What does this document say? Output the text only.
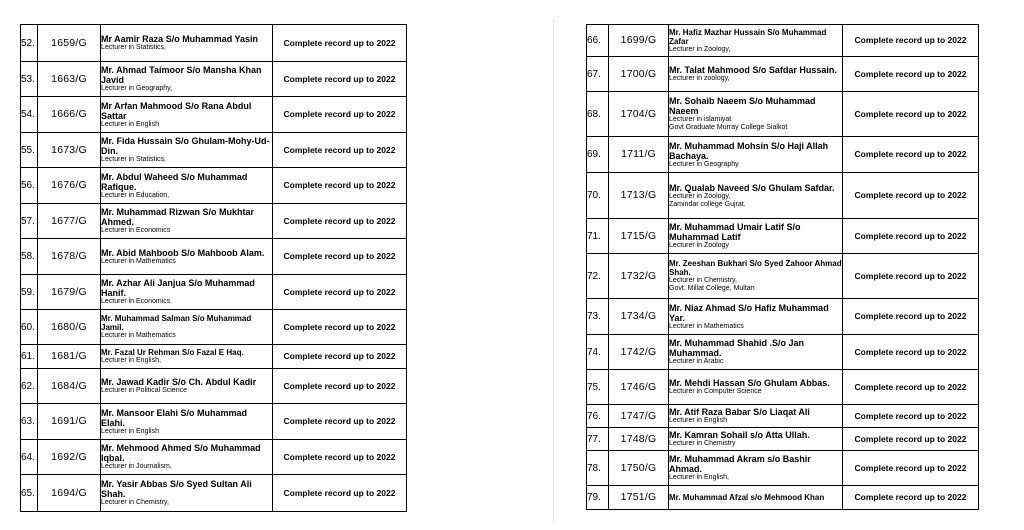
52.	1659/G	Mr Aamir Raza S/o Muhammad Yasin
Lecturer in Statistics,	Complete record up to 2022
53.	1663/G	Mr. Ahmad Taimoor S/o Mansha Khan Javid
Lecturer in Geography,	Complete record up to 2022
54.	1666/G	Mr Arfan Mahmood S/o Rana Abdul Sattar
Lecturer in English	Complete record up to 2022
55.	1673/G	Mr. Fida Hussain S/o Ghulam-Mohy-Ud-Din.
Lecturer in Statistics,	Complete record up to 2022
56.	1676/G	Mr. Abdul Waheed S/o Muhammad Rafique.
Lecturer in Education,	Complete record up to 2022
57.	1677/G	Mr. Muhammad Rizwan S/o Mukhtar Ahmed.
Lecturer in Economics	Complete record up to 2022
58.	1678/G	Mr. Abid Mahboob S/o Mahboob Alam.
Lecturer in Mathematics	Complete record up to 2022
59.	1679/G	Mr. Azhar Ali Janjua S/o Muhammad Hanif.
Lecturer in Economics	Complete record up to 2022
60.	1680/G	Mr. Muhammad Salman S/o Muhammad Jamil.
Lecturer in Mathematics	Complete record up to 2022
61.	1681/G	Mr. Fazal Ur Rehman S/o Fazal E Haq.
Lecturer in English,	Complete record up to 2022
62.	1684/G	Mr. Jawad Kadir S/o Ch. Abdul Kadir
Lecturer in Political Science	Complete record up to 2022
63.	1691/G	Mr. Mansoor Elahi S/o Muhammad Elahi.
Lecturer in English	Complete record up to 2022
64.	1692/G	Mr. Mehmood Ahmed S/o Muhammad Iqbal.
Lecturer in Journalism,	Complete record up to 2022
65.	1694/G	Mr. Yasir Abbas S/o Syed Sultan Ali Shah.
Lecturer in Chemistry,	Complete record up to 2022
66.	1699/G	Mr. Hafiz Mazhar Hussain S/o Muhammad Zafar
Lecturer in Zoology,	Complete record up to 2022
67.	1700/G	Mr. Talat Mahmood S/o Safdar Hussain.
Lecturer in zoology,	Complete record up to 2022
68.	1704/G	Mr. Sohaib Naeem S/o Muhammad Naeem
Lecturer in islamiyat
Govt Graduate Murray College Sialkot	Complete record up to 2022
69.	1711/G	Mr. Muhammad Mohsin S/o Haji Allah Bachaya.
Lecturer in Geography	Complete record up to 2022
70.	1713/G	Mr. Qualab Naveed S/o Ghulam Safdar.
Lecturer in Zoology,
Zamindar college Gujrat.	Complete record up to 2022
71.	1715/G	Mr. Muhammad Umair Latif S/o Muhammad Latif
Lecturer in Zoology	Complete record up to 2022
72.	1732/G	Mr. Zeeshan Bukhari S/o Syed Zahoor Ahmad Shah.
Lecturer in Chemistry,
Govt. Millat College, Multan	Complete record up to 2022
73.	1734/G	Mr. Niaz Ahmad S/o Hafiz Muhammad Yar.
Lecturer in Mathematics	Complete record up to 2022
74.	1742/G	Mr. Muhammad Shahid .S/o Jan Muhammad.
Lecturer in Arabic	Complete record up to 2022
75.	1746/G	Mr. Mehdi Hassan S/o Ghulam Abbas.
Lecturer in Computer Science	Complete record up to 2022
76.	1747/G	Mr. Atif Raza Babar S/o Liaqat Ali
Lecturer in English	Complete record up to 2022
77.	1748/G	Mr. Kamran Sohail s/o Atta Ullah.
Lecturer in Chemistry	Complete record up to 2022
78.	1750/G	Mr. Muhammad Akram s/o Bashir Ahmad.
Lecturer in English,	Complete record up to 2022
79.	1751/G	Mr. Muhammad Afzal s/o Mehmood Khan	Complete record up to 2022
